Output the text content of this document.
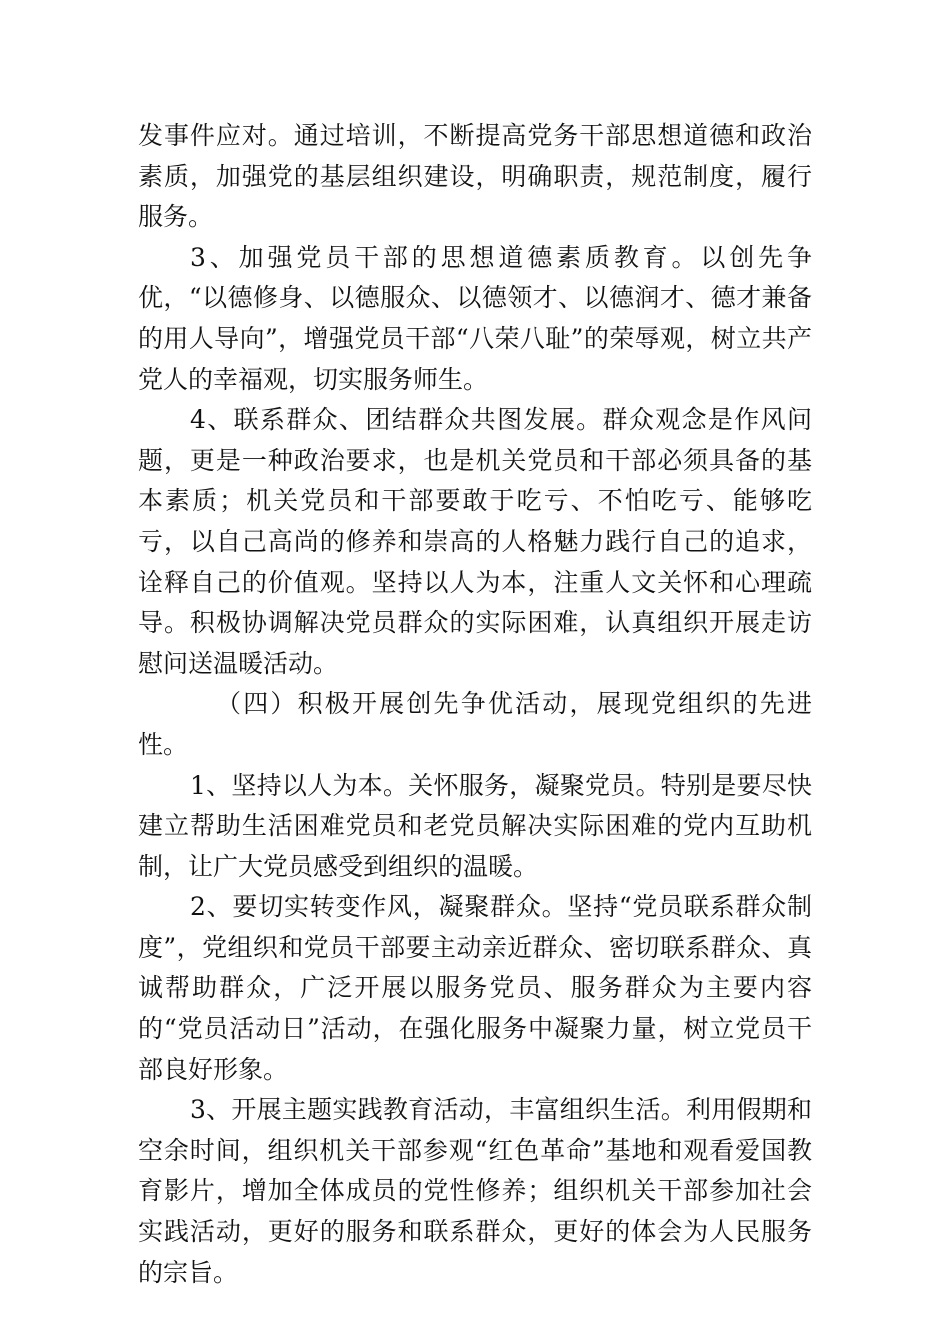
发事件应对。通过培训，不断提高党务干部思想道德和政治素质，加强党的基层组织建设，明确职责，规范制度，履行服务。

3、加强党员干部的思想道德素质教育。以创先争优，“以德修身、以德服众、以德领才、以德润才、德才兼备的用人导向”，增强党员干部“八荣八耻”的荣辱观，树立共产党人的幸福观，切实服务师生。

4、联系群众、团结群众共图发展。群众观念是作风问题，更是一种政治要求，也是机关党员和干部必须具备的基本素质；机关党员和干部要敢于吃亏、不怕吃亏、能够吃亏，以自己高尚的修养和崇高的人格魅力践行自己的追求，诠释自己的价值观。坚持以人为本，注重人文关怀和心理疏导。积极协调解决党员群众的实际困难，认真组织开展走访慰问送温暖活动。

（四）积极开展创先争优活动，展现党组织的先进性。

1、坚持以人为本。关怀服务，凝聚党员。特别是要尽快建立帮助生活困难党员和老党员解决实际困难的党内互助机制，让广大党员感受到组织的温暖。

2、要切实转变作风，凝聚群众。坚持“党员联系群众制度”，党组织和党员干部要主动亲近群众、密切联系群众、真诚帮助群众，广泛开展以服务党员、服务群众为主要内容的“党员活动日”活动，在强化服务中凝聚力量，树立党员干部良好形象。

3、开展主题实践教育活动，丰富组织生活。利用假期和空余时间，组织机关干部参观“红色革命”基地和观看爱国教育影片，增加全体成员的党性修养；组织机关干部参加社会实践活动，更好的服务和联系群众，更好的体会为人民服务的宗旨。
